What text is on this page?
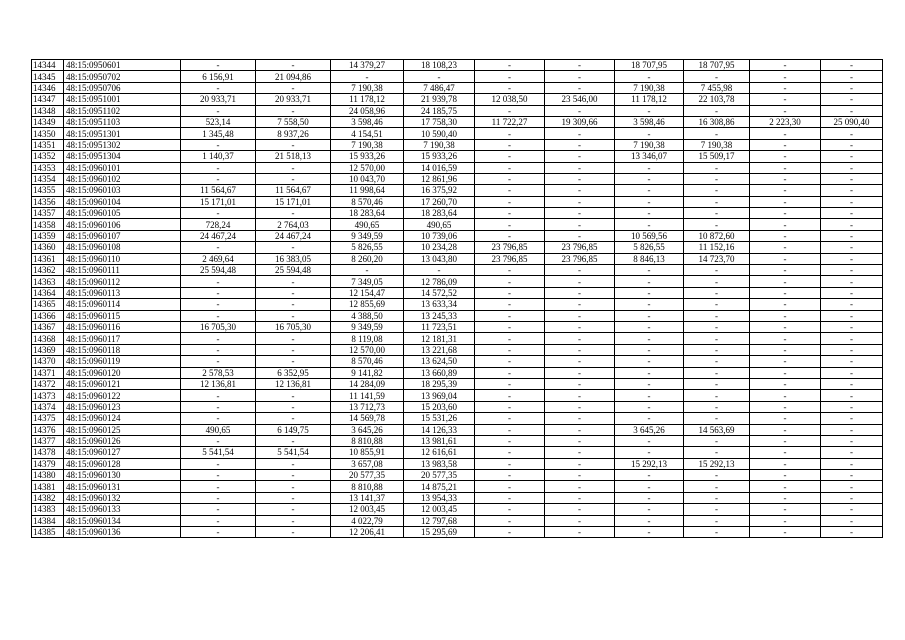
14344	48:15:0950601	-	-	14 379,27	18 108,23	-	-	18 707,95	18 707,95	-	-
14345	48:15:0950702	6 156,91	21 094,86	-	-	-	-	-	-	-	-
14346	48:15:0950706	-	-	7 190,38	7 486,47	-	-	7 190,38	7 455,98	-	-
14347	48:15:0951001	20 933,71	20 933,71	11 178,12	21 939,78	12 038,50	23 546,00	11 178,12	22 103,78	-	-
14348	48:15:0951102	-	-	24 058,96	24 185,75	-	-	-	-	-	-
14349	48:15:0951103	523,14	7 558,50	3 598,46	17 758,30	11 722,27	19 309,66	3 598,46	16 308,86	2 223,30	25 090,40
14350	48:15:0951301	1 345,48	8 937,26	4 154,51	10 590,40	-	-	-	-	-	-
14351	48:15:0951302	-	-	7 190,38	7 190,38	-	-	7 190,38	7 190,38	-	-
14352	48:15:0951304	1 140,37	21 518,13	15 933,26	15 933,26	-	-	13 346,07	15 509,17	-	-
14353	48:15:0960101	-	-	12 570,00	14 016,59	-	-	-	-	-	-
14354	48:15:0960102	-	-	10 043,70	12 861,96	-	-	-	-	-	-
14355	48:15:0960103	11 564,67	11 564,67	11 998,64	16 375,92	-	-	-	-	-	-
14356	48:15:0960104	15 171,01	15 171,01	8 570,46	17 260,70	-	-	-	-	-	-
14357	48:15:0960105	-	-	18 283,64	18 283,64	-	-	-	-	-	-
14358	48:15:0960106	728,24	2 764,03	490,65	490,65	-	-	-	-	-	-
14359	48:15:0960107	24 467,24	24 467,24	9 349,59	10 739,06	-	-	10 569,56	10 872,60	-	-
14360	48:15:0960108	-	-	5 826,55	10 234,28	23 796,85	23 796,85	5 826,55	11 152,16	-	-
14361	48:15:0960110	2 469,64	16 383,05	8 260,20	13 043,80	23 796,85	23 796,85	8 846,13	14 723,70	-	-
14362	48:15:0960111	25 594,48	25 594,48	-	-	-	-	-	-	-	-
14363	48:15:0960112	-	-	7 349,05	12 786,09	-	-	-	-	-	-
14364	48:15:0960113	-	-	12 154,47	14 572,52	-	-	-	-	-	-
14365	48:15:0960114	-	-	12 855,69	13 633,34	-	-	-	-	-	-
14366	48:15:0960115	-	-	4 388,50	13 245,33	-	-	-	-	-	-
14367	48:15:0960116	16 705,30	16 705,30	9 349,59	11 723,51	-	-	-	-	-	-
14368	48:15:0960117	-	-	8 119,08	12 181,31	-	-	-	-	-	-
14369	48:15:0960118	-	-	12 570,00	13 221,68	-	-	-	-	-	-
14370	48:15:0960119	-	-	8 570,46	13 624,50	-	-	-	-	-	-
14371	48:15:0960120	2 578,53	6 352,95	9 141,82	13 660,89	-	-	-	-	-	-
14372	48:15:0960121	12 136,81	12 136,81	14 284,09	18 295,39	-	-	-	-	-	-
14373	48:15:0960122	-	-	11 141,59	13 969,04	-	-	-	-	-	-
14374	48:15:0960123	-	-	13 712,73	15 203,60	-	-	-	-	-	-
14375	48:15:0960124	-	-	14 569,78	15 531,26	-	-	-	-	-	-
14376	48:15:0960125	490,65	6 149,75	3 645,26	14 126,33	-	-	3 645,26	14 563,69	-	-
14377	48:15:0960126	-	-	8 810,88	13 981,61	-	-	-	-	-	-
14378	48:15:0960127	5 541,54	5 541,54	10 855,91	12 616,61	-	-	-	-	-	-
14379	48:15:0960128	-	-	3 657,08	13 983,58	-	-	15 292,13	15 292,13	-	-
14380	48:15:0960130	-	-	20 577,35	20 577,35	-	-	-	-	-	-
14381	48:15:0960131	-	-	8 810,88	14 875,21	-	-	-	-	-	-
14382	48:15:0960132	-	-	13 141,37	13 954,33	-	-	-	-	-	-
14383	48:15:0960133	-	-	12 003,45	12 003,45	-	-	-	-	-	-
14384	48:15:0960134	-	-	4 022,79	12 797,68	-	-	-	-	-	-
14385	48:15:0960136	-	-	12 206,41	15 295,69	-	-	-	-	-	-
